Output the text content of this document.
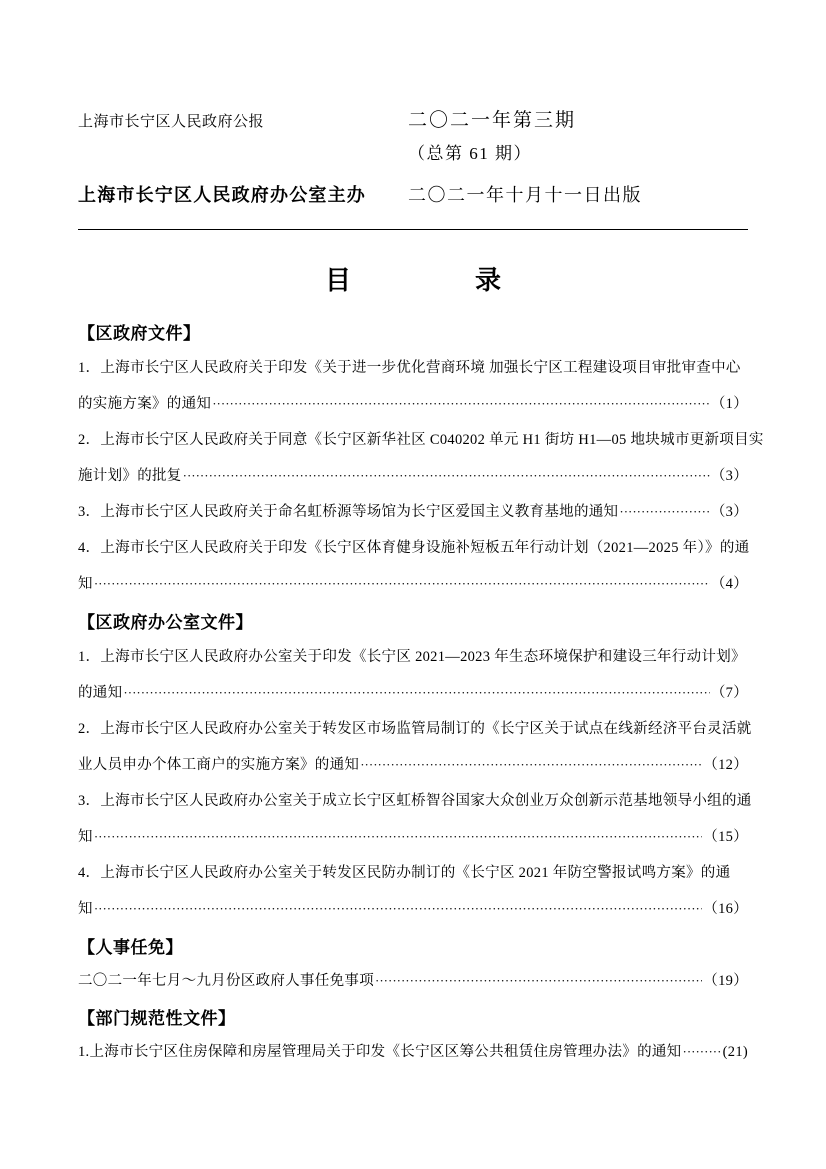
上海市长宁区人民政府公报	二〇二一年第三期
（总第 61 期）
上海市长宁区人民政府办公室主办	二〇二一年十月十一日出版
目　　录
【区政府文件】
1．上海市长宁区人民政府关于印发《关于进一步优化营商环境 加强长宁区工程建设项目审批审查中心
的实施方案》的通知 ·····	（1）
2．上海市长宁区人民政府关于同意《长宁区新华社区 C040202 单元 H1 街坊 H1—05 地块城市更新项目实
施计划》的批复 ·····	（3）
3．上海市长宁区人民政府关于命名虹桥源等场馆为长宁区爱国主义教育基地的通知 ·····	（3）
4．上海市长宁区人民政府关于印发《长宁区体育健身设施补短板五年行动计划（2021—2025 年）》的通
知 ·····	（4）
【区政府办公室文件】
1．上海市长宁区人民政府办公室关于印发《长宁区 2021—2023 年生态环境保护和建设三年行动计划》
的通知 ·····	（7）
2．上海市长宁区人民政府办公室关于转发区市场监管局制订的《长宁区关于试点在线新经济平台灵活就
业人员申办个体工商户的实施方案》的通知 ·····	（12）
3．上海市长宁区人民政府办公室关于成立长宁区虹桥智谷国家大众创业万众创新示范基地领导小组的通
知 ·····	（15）
4．上海市长宁区人民政府办公室关于转发区民防办制订的《长宁区 2021 年防空警报试鸣方案》的通
知 ·····	（16）
【人事任免】
二〇二一年七月～九月份区政府人事任免事项 ·····	（19）
【部门规范性文件】
1.上海市长宁区住房保障和房屋管理局关于印发《长宁区区筹公共租赁住房管理办法》的通知 ·····	(21)
